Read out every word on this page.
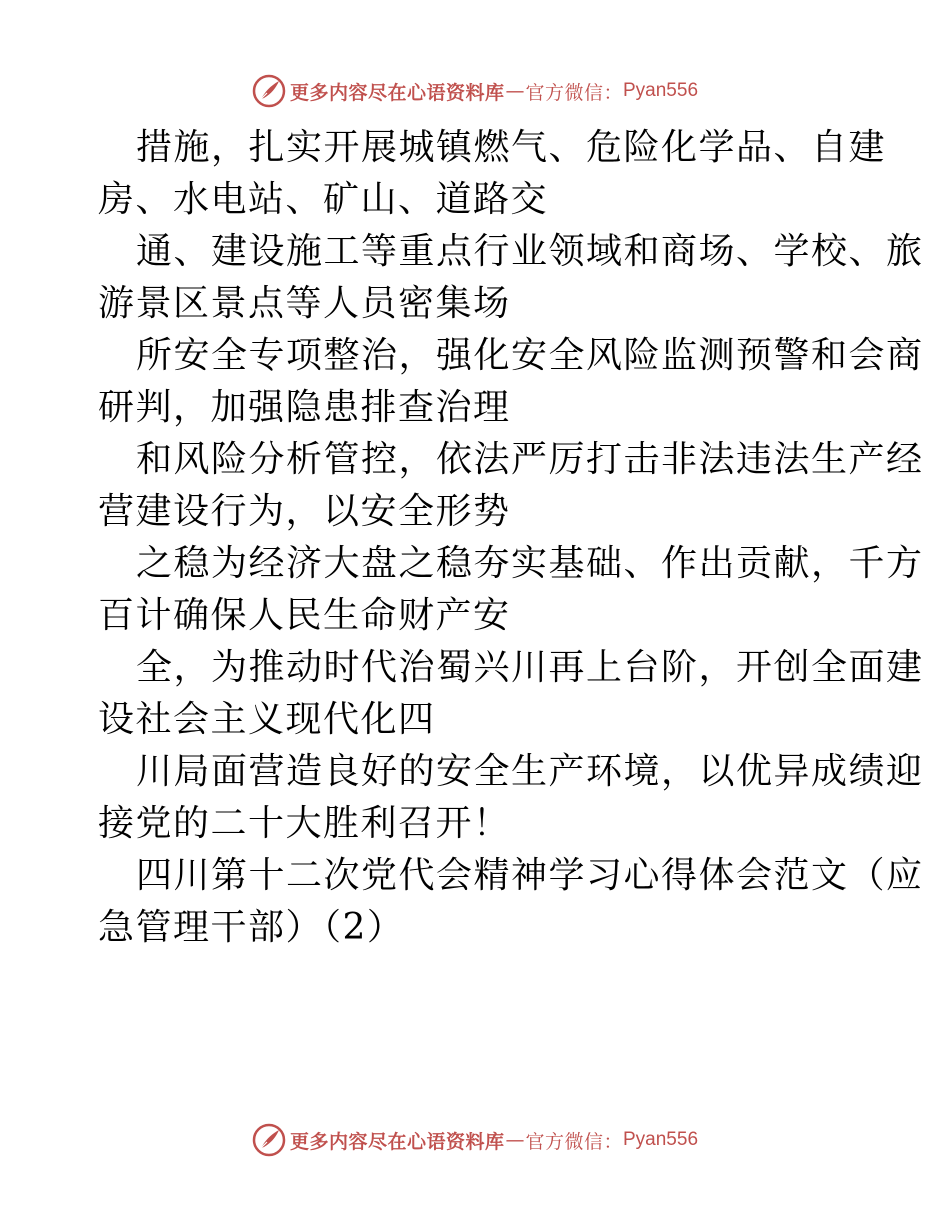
更多内容尽在心语资料库 — 官方微信： Pyan556

措施，扎实开展城镇燃气、危险化学品、自建
房、水电站、矿山、道路交

通、建设施工等重点行业领域和商场、学校、旅
游景区景点等人员密集场

所安全专项整治，强化安全风险监测预警和会商
研判，加强隐患排查治理

和风险分析管控，依法严厉打击非法违法生产经
营建设行为，以安全形势

之稳为经济大盘之稳夯实基础、作出贡献，千方
百计确保人民生命财产安

全，为推动时代治蜀兴川再上台阶，开创全面建
设社会主义现代化四

川局面营造良好的安全生产环境，以优异成绩迎
接党的二十大胜利召开！

四川第十二次党代会精神学习心得体会范文（应
急管理干部）（2）

更多内容尽在心语资料库 — 官方微信： Pyan556
